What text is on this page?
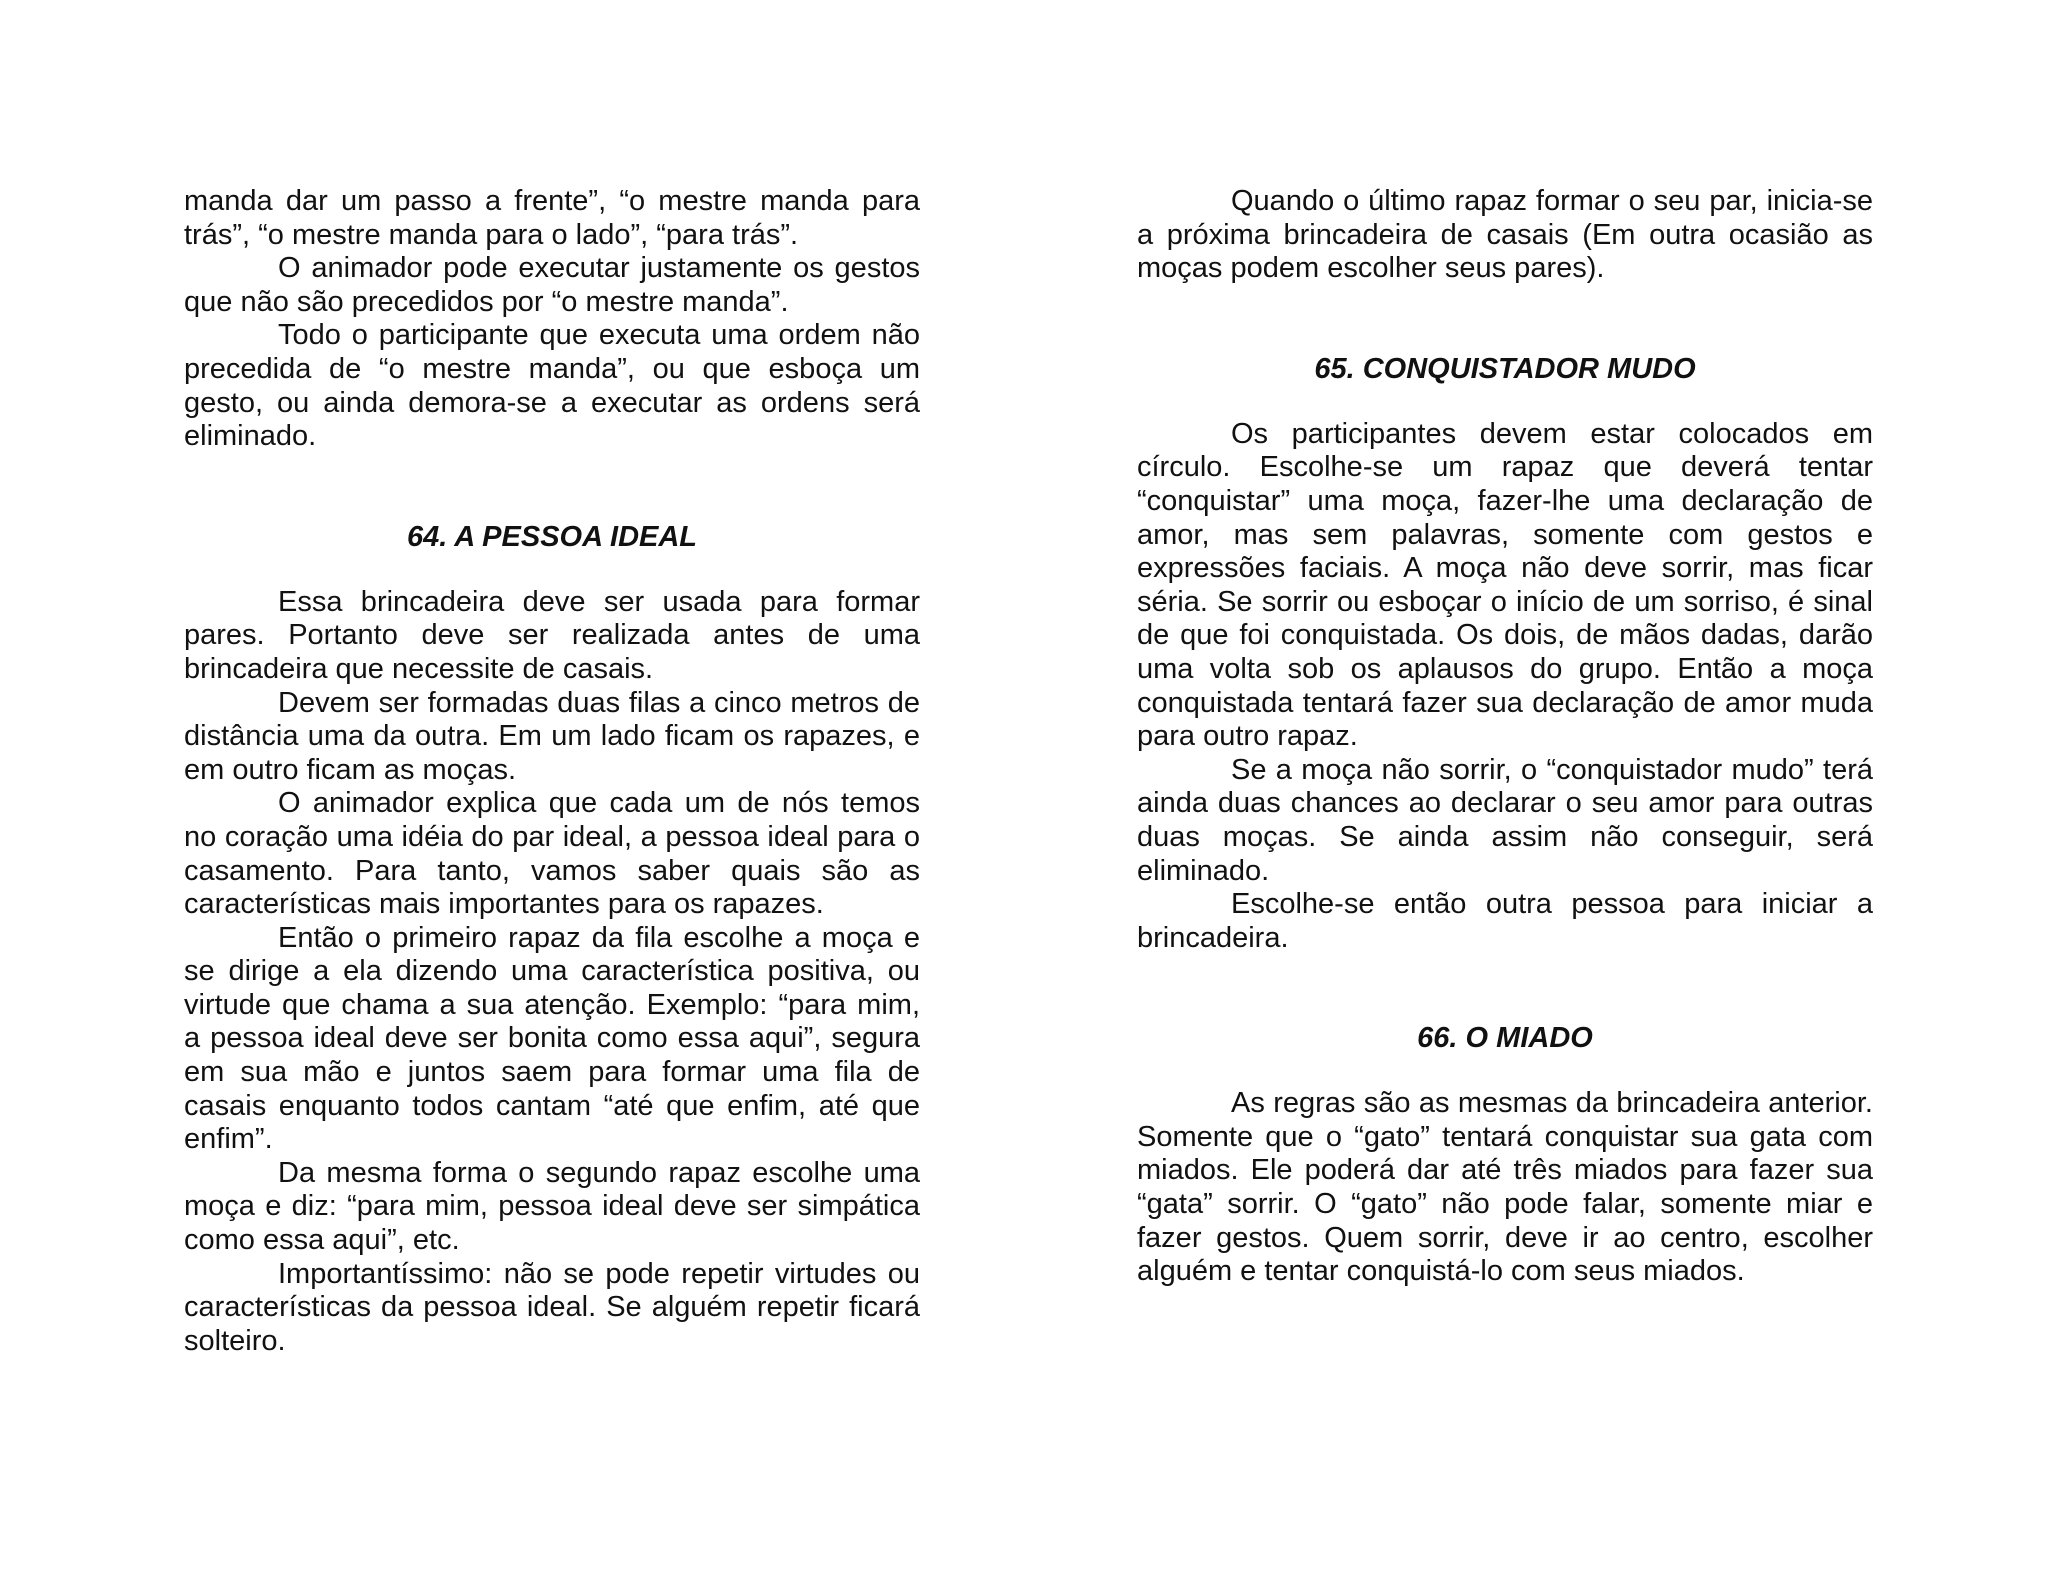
manda dar um passo a frente”, “o mestre manda para trás”, “o mestre manda para o lado”, “para trás”.

O animador pode executar justamente os gestos que não são precedidos por “o mestre manda”.

Todo o participante que executa uma ordem não precedida de “o mestre manda”, ou que esboça um gesto, ou ainda demora-se a executar as ordens será eliminado.

64. A PESSOA IDEAL

Essa brincadeira deve ser usada para formar pares. Portanto deve ser realizada antes de uma brincadeira que necessite de casais.

Devem ser formadas duas filas a cinco metros de distância uma da outra. Em um lado ficam os rapazes, e em outro ficam as moças.

O animador explica que cada um de nós temos no coração uma idéia do par ideal, a pessoa ideal para o casamento. Para tanto, vamos saber quais são as características mais importantes para os rapazes.

Então o primeiro rapaz da fila escolhe a moça e se dirige a ela dizendo uma característica positiva, ou virtude que chama a sua atenção. Exemplo: “para mim, a pessoa ideal deve ser bonita como essa aqui”, segura em sua mão e juntos saem para formar uma fila de casais enquanto todos cantam “até que enfim, até que enfim”.

Da mesma forma o segundo rapaz escolhe uma moça e diz: “para mim, pessoa ideal deve ser simpática como essa aqui”, etc.

Importantíssimo: não se pode repetir virtudes ou características da pessoa ideal. Se alguém repetir ficará solteiro.

Quando o último rapaz formar o seu par, inicia-se a próxima brincadeira de casais (Em outra ocasião as moças podem escolher seus pares).

65. CONQUISTADOR MUDO

Os participantes devem estar colocados em círculo. Escolhe-se um rapaz que deverá tentar “conquistar” uma moça, fazer-lhe uma declaração de amor, mas sem palavras, somente com gestos e expressões faciais. A moça não deve sorrir, mas ficar séria. Se sorrir ou esboçar o início de um sorriso, é sinal de que foi conquistada. Os dois, de mãos dadas, darão uma volta sob os aplausos do grupo. Então a moça conquistada tentará fazer sua declaração de amor muda para outro rapaz.

Se a moça não sorrir, o “conquistador mudo” terá ainda duas chances ao declarar o seu amor para outras duas moças. Se ainda assim não conseguir, será eliminado.

Escolhe-se então outra pessoa para iniciar a brincadeira.

66. O MIADO

As regras são as mesmas da brincadeira anterior. Somente que o “gato” tentará conquistar sua gata com miados. Ele poderá dar até três miados para fazer sua “gata” sorrir. O “gato” não pode falar, somente miar e fazer gestos. Quem sorrir, deve ir ao centro, escolher alguém e tentar conquistá-lo com seus miados.
